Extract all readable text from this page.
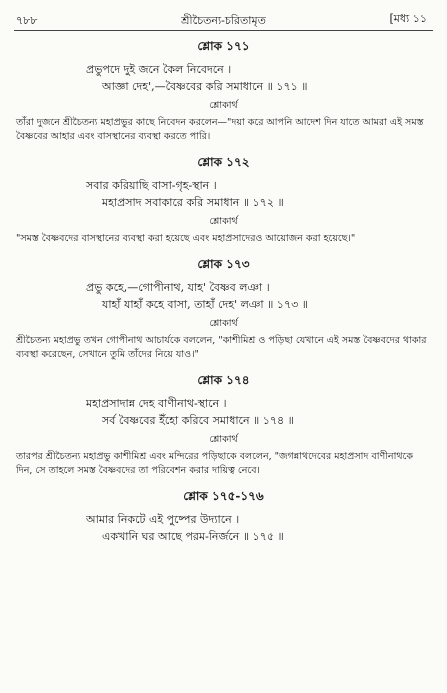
৭৮৮	শ্রীচৈতন্য-চরিতামৃত	[মধ্য ১১
শ্লোক ১৭১
প্রভুপদে দুই জনে কৈল নিবেদনে ।
আজ্ঞা দেহ',—বৈষ্ণবের করি সমাধানে ॥ ১৭১ ॥
শ্লোকার্থ
তাঁরা দুজনে শ্রীচৈতন্য মহাপ্রভুর কাছে নিবেদন করলেন—"দয়া করে আপনি আদেশ দিন যাতে আমরা এই সমস্ত বৈষ্ণবের আহার এবং বাসস্থানের ব্যবস্থা করতে পারি।
শ্লোক ১৭২
সবার করিয়াছি বাসা-গৃহ-স্থান ।
মহাপ্রসাদ সবাকারে করি সমাধান ॥ ১৭২ ॥
শ্লোকার্থ
"সমস্ত বৈষ্ণবদের বাসস্থানের ব্যবস্থা করা হয়েছে এবং মহাপ্রসাদেরও আয়োজন করা হয়েছে।"
শ্লোক ১৭৩
প্রভু কহে,—গোপীনাথ, যাহ' বৈষ্ণব লঞা ।
যাহাঁ যাহাঁ কহে বাসা, তাহাঁ দেহ' লঞা ॥ ১৭৩ ॥
শ্লোকার্থ
শ্রীচৈতন্য মহাপ্রভু তখন গোপীনাথ আচার্যকে বললেন, "কাশীমিশ্র ও পড়িছা যেখানে এই সমস্ত বৈষ্ণবদের থাকার ব্যবস্থা করেছেন, সেখানে তুমি তাঁদের নিয়ে যাও।"
শ্লোক ১৭৪
মহাপ্রসাদান্ন দেহ বাণীনাথ-স্থানে ।
সর্ব বৈষ্ণবের ইঁহো করিবে সমাধানে ॥ ১৭৪ ॥
শ্লোকার্থ
তারপর শ্রীচৈতন্য মহাপ্রভু কাশীমিশ্র এবং মন্দিরের পড়িছাকে বললেন, "জগন্নাথদেবের মহাপ্রসাদ বাণীনাথকে দিন, সে তাহলে সমস্ত বৈষ্ণবদের তা পরিবেশন করার দায়িত্ব নেবে।
শ্লোক ১৭৫-১৭৬
আমার নিকটে এই পুষ্পের উদ্যানে ।
একখানি ঘর আছে পরম-নির্জনে ॥ ১৭৫ ॥
